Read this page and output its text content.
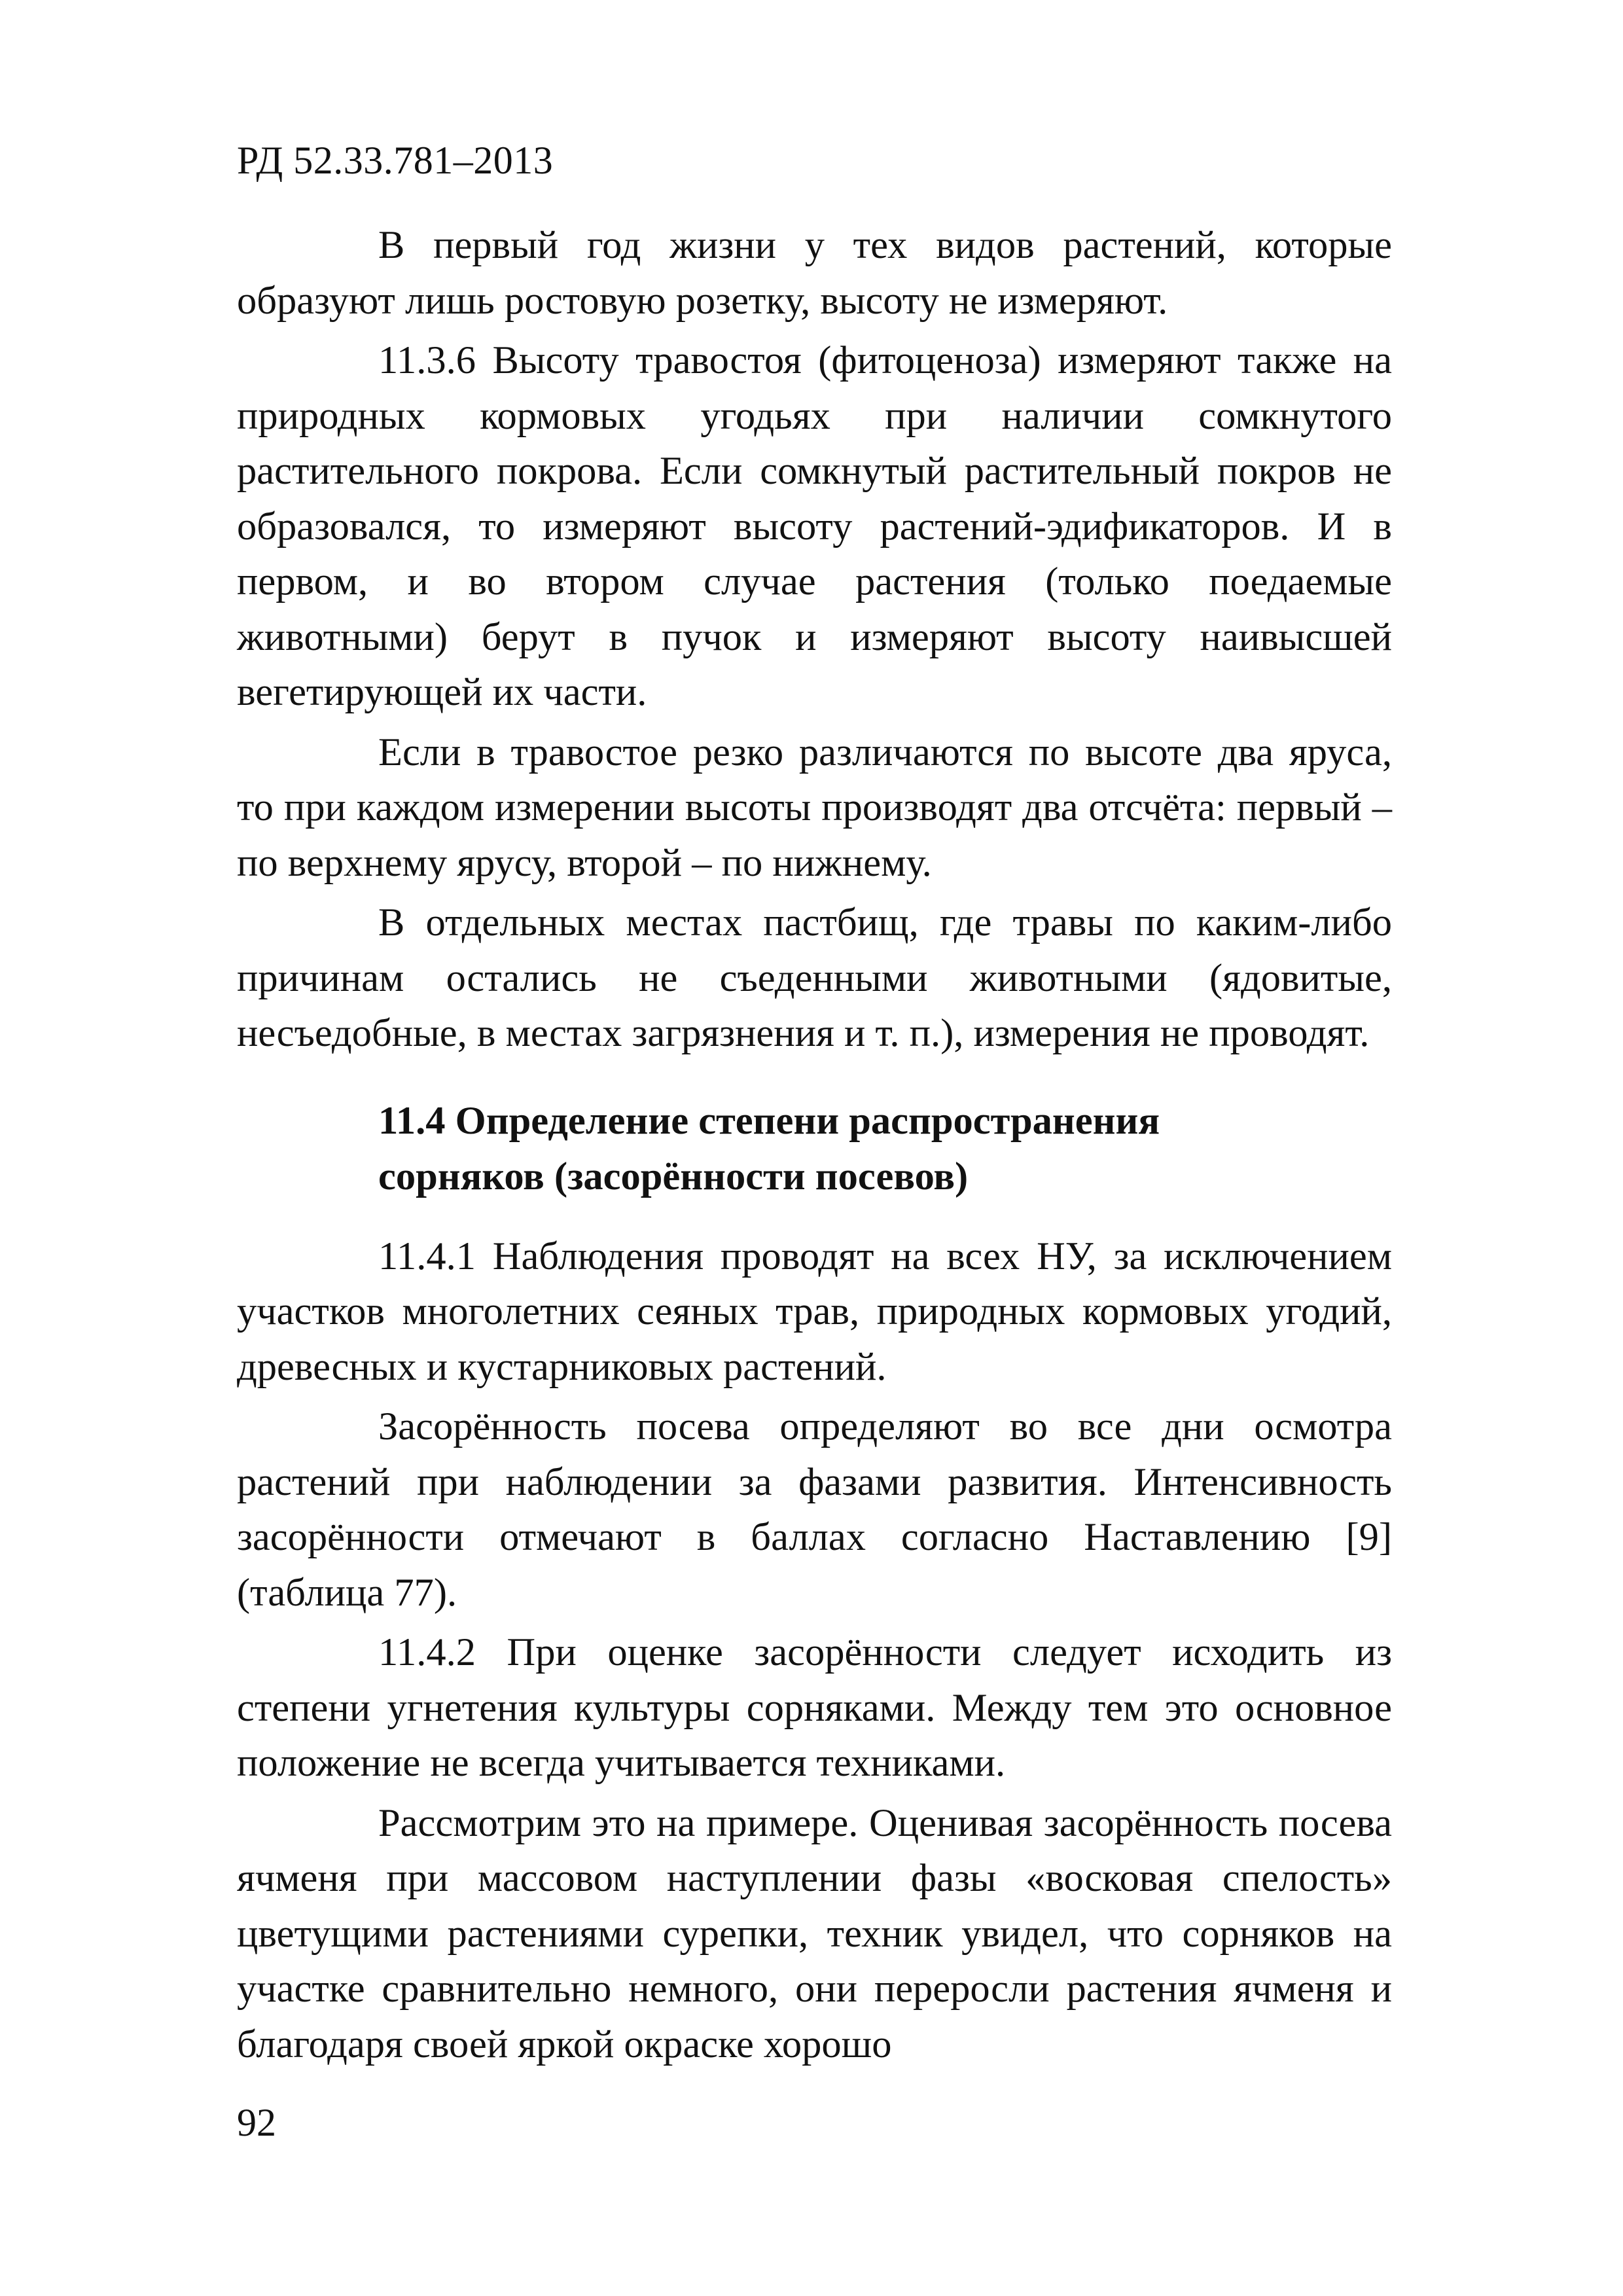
РД 52.33.781–2013

В первый год жизни у тех видов растений, которые образуют лишь ростовую розетку, высоту не измеряют.

11.3.6 Высоту травостоя (фитоценоза) измеряют также на природных кормовых угодьях при наличии сомкнутого растительного покрова. Если сомкнутый растительный покров не образовался, то измеряют высоту растений-эдификаторов. И в первом, и во втором случае растения (только поедаемые животными) берут в пучок и измеряют высоту наивысшей вегетирующей их части.

Если в травостое резко различаются по высоте два яруса, то при каждом измерении высоты производят два отсчёта: первый – по верхнему ярусу, второй – по нижнему.

В отдельных местах пастбищ, где травы по каким-либо причинам остались не съеденными животными (ядовитые, несъедобные, в местах загрязнения и т. п.), измерения не проводят.

11.4 Определение степени распространения
сорняков (засорённости посевов)

11.4.1 Наблюдения проводят на всех НУ, за исключением участков многолетних сеяных трав, природных кормовых угодий, древесных и кустарниковых растений.

Засорённость посева определяют во все дни осмотра растений при наблюдении за фазами развития. Интенсивность засорённости отмечают в баллах согласно Наставлению [9] (таблица 77).

11.4.2 При оценке засорённости следует исходить из степени угнетения культуры сорняками. Между тем это основное положение не всегда учитывается техниками.

Рассмотрим это на примере. Оценивая засорённость посева ячменя при массовом наступлении фазы «восковая спелость» цветущими растениями сурепки, техник увидел, что сорняков на участке сравнительно немного, они переросли растения ячменя и благодаря своей яркой окраске хорошо

92
